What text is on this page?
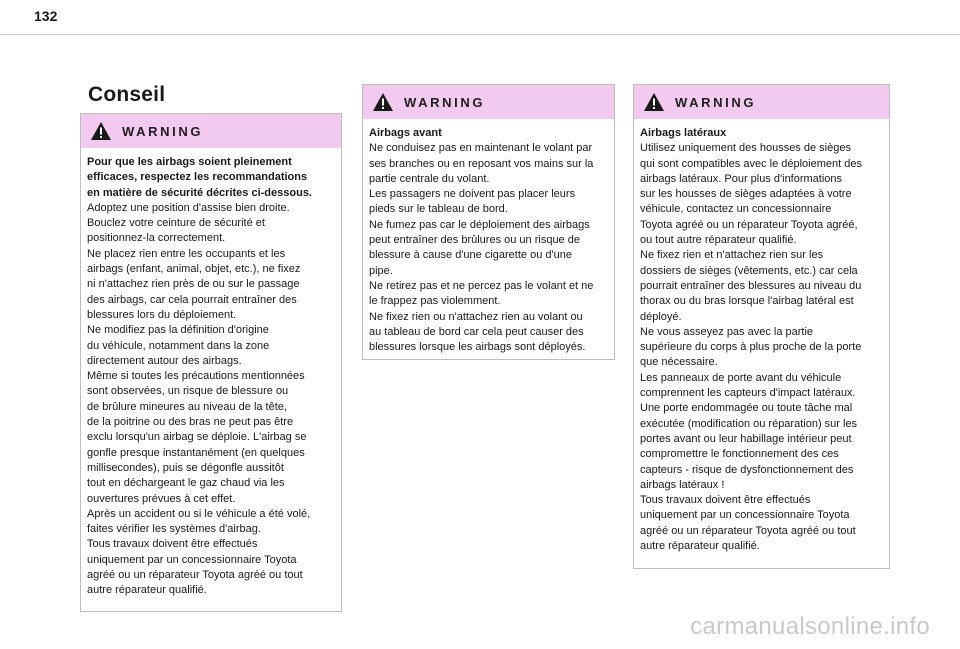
132
Conseil
WARNING

Pour que les airbags soient pleinement

efficaces, respectez les recommandations

en matière de sécurité décrites ci-dessous.

Adoptez une position d'assise bien droite.

Bouclez votre ceinture de sécurité et

positionnez-la correctement.

Ne placez rien entre les occupants et les

airbags (enfant, animal, objet, etc.), ne fixez

ni n'attachez rien près de ou sur le passage

des airbags, car cela pourrait entraîner des

blessures lors du déploiement.

Ne modifiez pas la définition d'origine

du véhicule, notamment dans la zone

directement autour des airbags.

Même si toutes les précautions mentionnées

sont observées, un risque de blessure ou

de brûlure mineures au niveau de la tête,

de la poitrine ou des bras ne peut pas être

exclu lorsqu'un airbag se déploie. L'airbag se

gonfle presque instantanément (en quelques

millisecondes), puis se dégonfle aussitôt

tout en déchargeant le gaz chaud via les

ouvertures prévues à cet effet.

Après un accident ou si le véhicule a été volé,

faites vérifier les systèmes d'airbag.

Tous travaux doivent être effectués

uniquement par un concessionnaire Toyota

agréé ou un réparateur Toyota agréé ou tout

autre réparateur qualifié.

WARNING

Airbags avant

Ne conduisez pas en maintenant le volant par

ses branches ou en reposant vos mains sur la

partie centrale du volant.

Les passagers ne doivent pas placer leurs

pieds sur le tableau de bord.

Ne fumez pas car le déploiement des airbags

peut entraîner des brûlures ou un risque de

blessure à cause d'une cigarette ou d'une

pipe.

Ne retirez pas et ne percez pas le volant et ne

le frappez pas violemment.

Ne fixez rien ou n'attachez rien au volant ou

au tableau de bord car cela peut causer des

blessures lorsque les airbags sont déployés.

WARNING

Airbags latéraux

Utilisez uniquement des housses de sièges

qui sont compatibles avec le déploiement des

airbags latéraux. Pour plus d'informations

sur les housses de sièges adaptées à votre

véhicule, contactez un concessionnaire

Toyota agréé ou un réparateur Toyota agréé,

ou tout autre réparateur qualifié.

Ne fixez rien et n'attachez rien sur les

dossiers de sièges (vêtements, etc.) car cela

pourrait entraîner des blessures au niveau du

thorax ou du bras lorsque l'airbag latéral est

déployé.

Ne vous asseyez pas avec la partie

supérieure du corps à plus proche de la porte

que nécessaire.

Les panneaux de porte avant du véhicule

comprennent les capteurs d'impact latéraux.

Une porte endommagée ou toute tâche mal

exécutée (modification ou réparation) sur les

portes avant ou leur habillage intérieur peut

compromettre le fonctionnement des ces

capteurs - risque de dysfonctionnement des

airbags latéraux !

Tous travaux doivent être effectués

uniquement par un concessionnaire Toyota

agréé ou un réparateur Toyota agréé ou tout

autre réparateur qualifié.

carmanualsonline.info
